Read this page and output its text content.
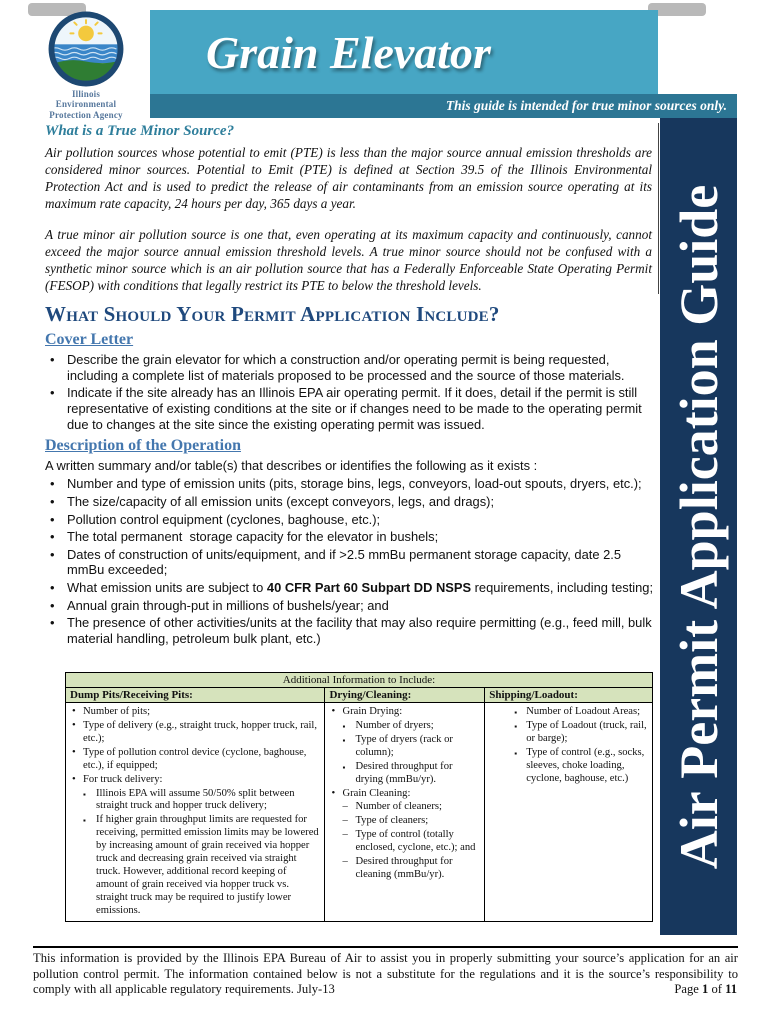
Illinois Environmental
Protection Agency
Grain Elevator
This guide is intended for true minor sources only.
Air Permit Application Guide
What is a True Minor Source?

Air pollution sources whose potential to emit (PTE) is less than the major source annual emission thresholds are considered minor sources. Potential to Emit (PTE) is defined at Section 39.5 of the Illinois Environmental Protection Act and is used to predict the release of air contaminants from an emission source operating at its maximum rate capacity, 24 hours per day, 365 days a year.

A true minor air pollution source is one that, even operating at its maximum capacity and continuously, cannot exceed the major source annual emission threshold levels. A true minor source should not be confused with a synthetic minor source which is an air pollution source that has a Federally Enforceable State Operating Permit (FESOP) with conditions that legally restrict its PTE to below the threshold levels.

What Should Your Permit Application Include?
Cover Letter
• Describe the grain elevator for which a construction and/or operating permit is being requested, including a complete list of materials proposed to be processed and the source of those materials.
• Indicate if the site already has an Illinois EPA air operating permit. If it does, detail if the permit is still representative of existing conditions at the site or if changes need to be made to the operating permit due to changes at the site since the existing operating permit was issued.
Description of the Operation

A written summary and/or table(s) that describes or identifies the following as it exists :

• Number and type of emission units (pits, storage bins, legs, conveyors, load-out spouts, dryers, etc.);
• The size/capacity of all emission units (except conveyors, legs, and drags);
• Pollution control equipment (cyclones, baghouse, etc.);
• The total permanent  storage capacity for the elevator in bushels;
• Dates of construction of units/equipment, and if >2.5 mmBu permanent storage capacity, date 2.5 mmBu exceeded;
• What emission units are subject to 40 CFR Part 60 Subpart DD NSPS requirements, including testing;
• Annual grain through-put in millions of bushels/year; and
• The presence of other activities/units at the facility that may also require permitting (e.g., feed mill, bulk material handling, petroleum bulk plant, etc.)
Additional Information to Include:		
Dump Pits/Receiving Pits:	Drying/Cleaning:	Shipping/Loadout:

• Number of pits;
• Type of delivery (e.g., straight truck, hopper truck, rail, etc.);
• Type of pollution control device (cyclone, baghouse, etc.), if equipped;
• For truck delivery:
▪ Illinois EPA will assume 50/50% split between straight truck and hopper truck delivery;
▪ If higher grain throughput limits are requested for receiving, permitted emission limits may be lowered by increasing amount of grain received via hopper truck and decreasing grain received via straight truck. However, additional record keeping of amount of grain received via hopper truck vs. straight truck may be required to justify lower emissions.

• Grain Drying:
▪ Number of dryers;
▪ Type of dryers (rack or column);
▪ Desired throughput for drying (mmBu/yr).
• Grain Cleaning:
– Number of cleaners;
– Type of cleaners;
– Type of control (totally enclosed, cyclone, etc.); and
– Desired throughput for cleaning (mmBu/yr).

▪ Number of Loadout Areas;
▪ Type of Loadout (truck, rail, or barge);
▪ Type of control (e.g., socks, sleeves, choke loading, cyclone, baghouse, etc.)

This information is provided by the Illinois EPA Bureau of Air to assist you in properly submitting your source’s application for an air pollution control permit. The information contained below is not a substitute for the regulations and it is the source’s responsibility to comply with all applicable regulatory requirements. July-13	Page 1 of 11
